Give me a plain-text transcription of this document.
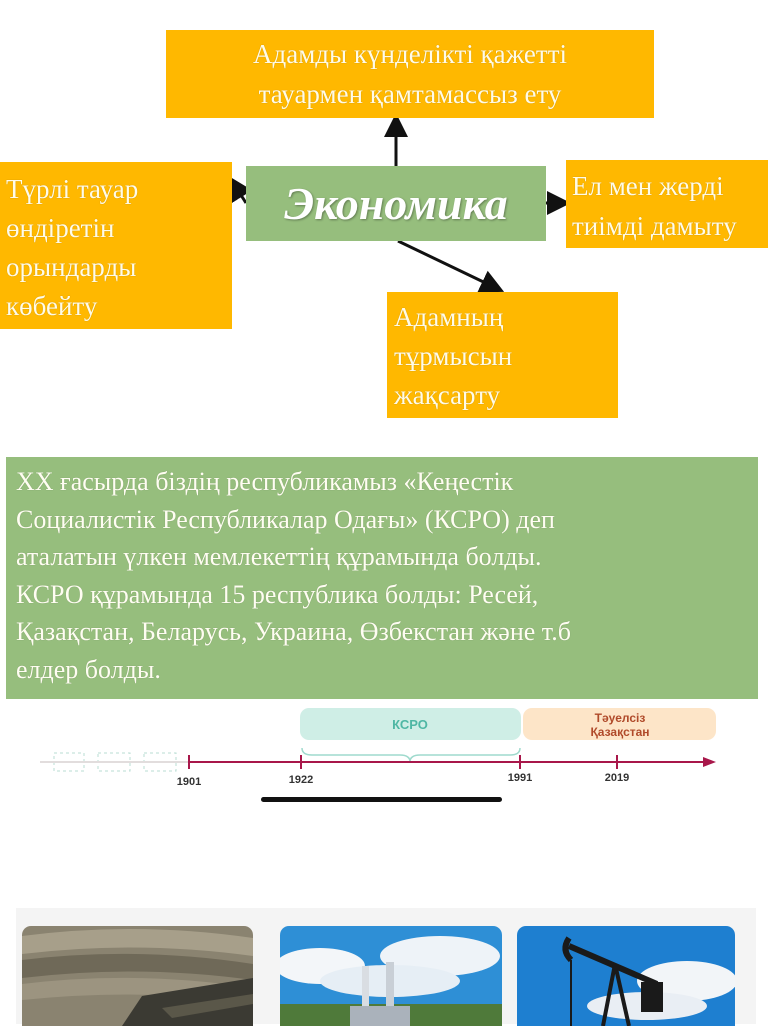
Адамды күнделікті қажетті
тауармен қамтамассыз ету
Түрлі тауар
өндіретін
орындарды
көбейту
Экономика	Ел мен жерді
тиімді дамыту
Адамның
тұрмысын
жақсарту
ХХ ғасырда біздің республикамыз «Кеңестік
Социалистік Республикалар Одағы» (КСРО) деп
аталатын үлкен мемлекеттің құрамында болды.
КСРО құрамында 15 республика болды: Ресей,
Қазақстан, Беларусь, Украина, Өзбекстан және т.б
елдер болды.
КСРО	Тәуелсіз
Қазақстан
1901	1922	1991	2019
